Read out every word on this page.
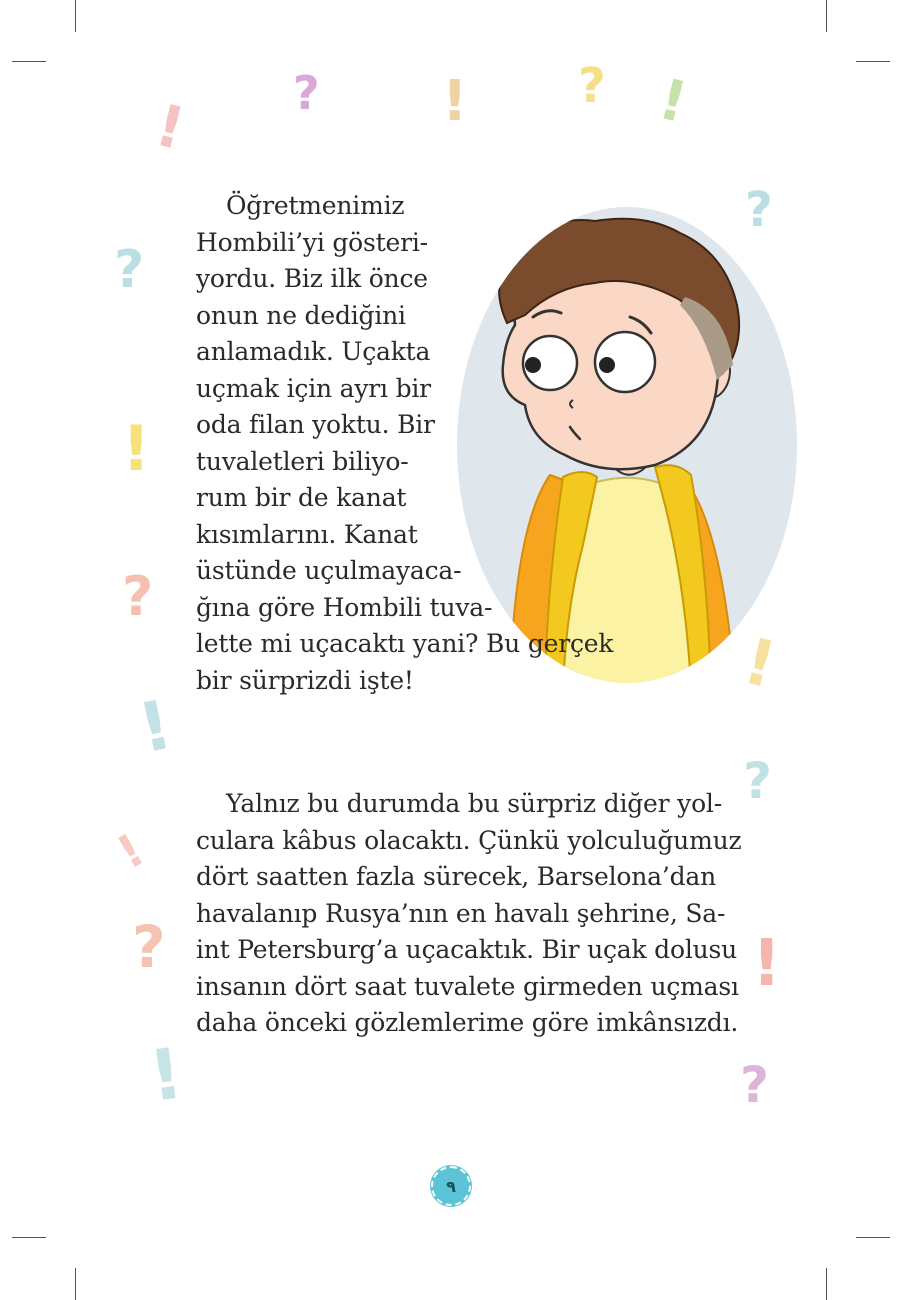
? ! ? !
!
?
?
!
?
!
!
?
!
?	!
!	?
Öğretmenimiz
Hombili’yi gösteri-
yordu. Biz ilk önce
onun ne dediğini
anlamadık. Uçakta
uçmak için ayrı bir
oda filan yoktu. Bir
tuvaletleri biliyo-
rum bir de kanat
kısımlarını. Kanat
üstünde uçulmayaca-
ğına göre Hombili tuva-
lette mi uçacaktı yani? Bu gerçek
bir sürprizdi işte!
Yalnız bu durumda bu sürpriz diğer yol-
culara kâbus olacaktı. Çünkü yolculuğumuz
dört saatten fazla sürecek, Barselona’dan
havalanıp Rusya’nın en havalı şehrine, Sa-
int Petersburg’a uçacaktık. Bir uçak dolusu
insanın dört saat tuvalete girmeden uçması
daha önceki gözlemlerime göre imkânsızdı.
٩
